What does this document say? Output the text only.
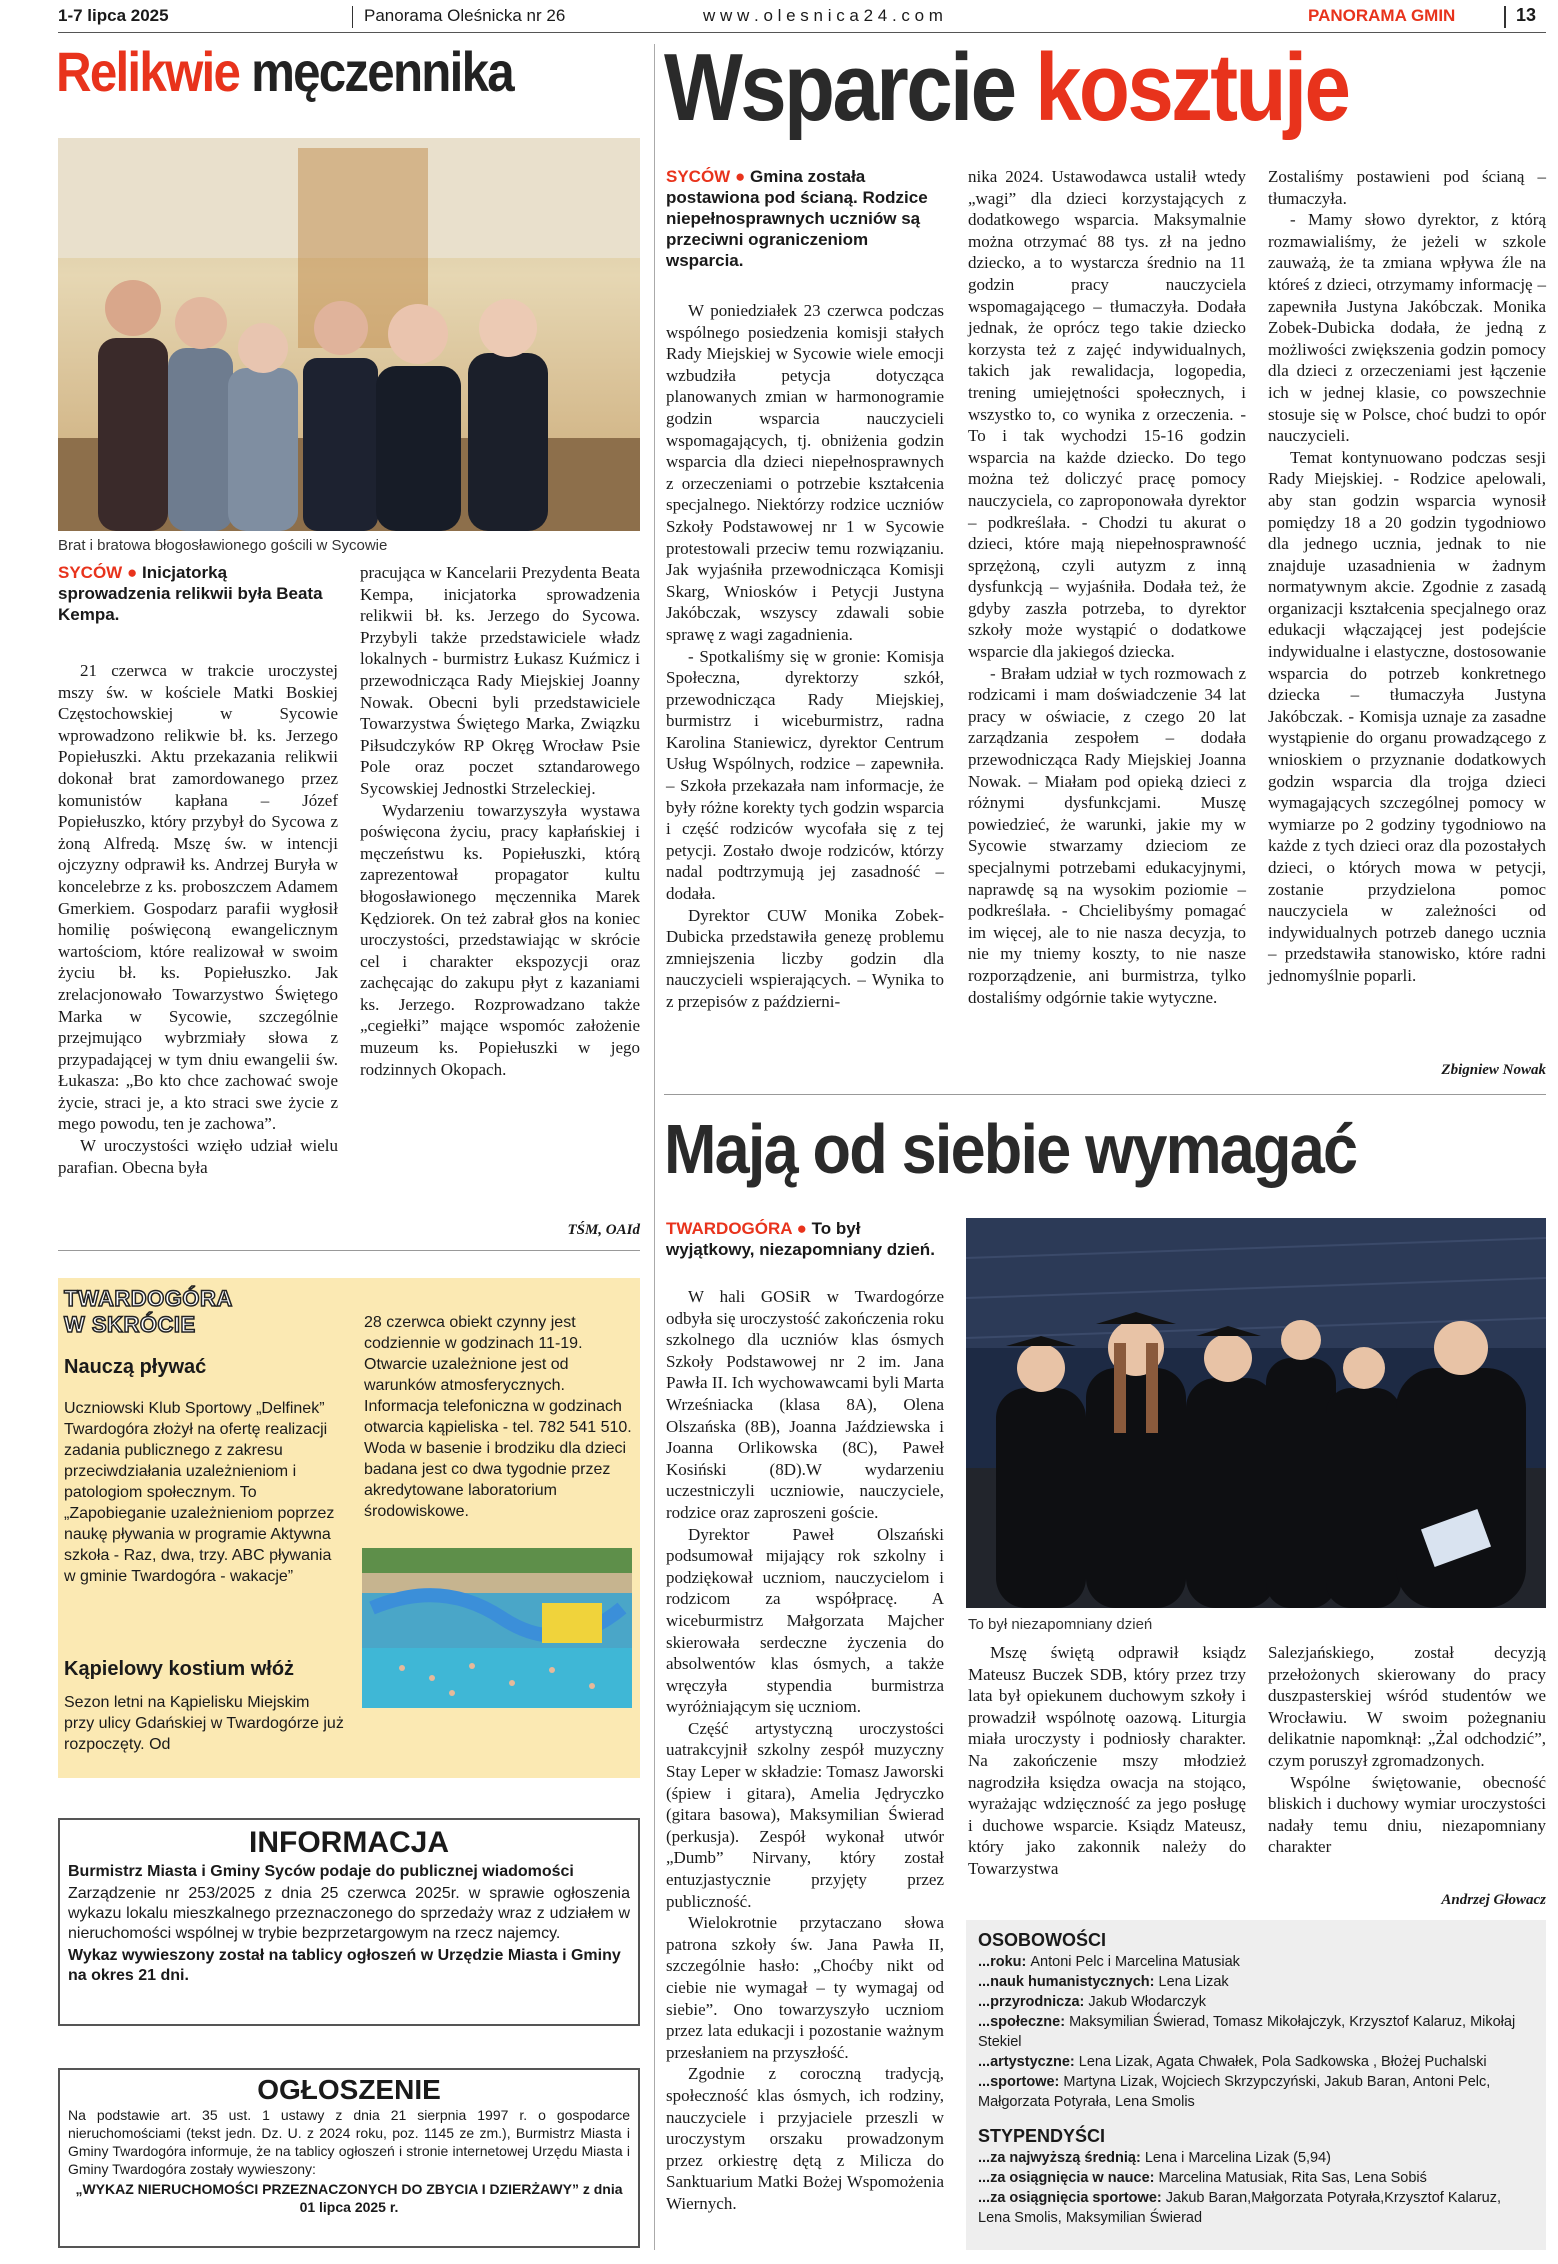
1-7 lipca 2025	Panorama Oleśnicka nr 26	w w w . o l e s n i c a 2 4 . c o m	PANORAMA GMIN	13
Relikwie męczennika

Brat i bratowa błogosławionego gościli w Sycowie

SYCÓW ● Inicjatorką sprowadzenia relikwii była Beata Kempa.

21 czerwca w trakcie uroczystej mszy św. w kościele Matki Boskiej Częstochowskiej w Sycowie wprowadzono relikwie bł. ks. Jerzego Popiełuszki. Aktu przekazania relikwii dokonał brat zamordowanego przez komunistów kapłana – Józef Popiełuszko, który przybył do Sycowa z żoną Alfredą. Mszę św. w intencji ojczyzny odprawił ks. Andrzej Buryła w koncelebrze z ks. proboszczem Adamem Gmerkiem. Gospodarz parafii wygłosił homilię poświęconą ewangelicznym wartościom, które realizował w swoim życiu bł. ks. Popiełuszko. Jak zrelacjonowało Towarzystwo Świętego Marka w Sycowie, szczególnie przejmująco wybrzmiały słowa z przypadającej w tym dniu ewangelii św. Łukasza: „Bo kto chce zachować swoje życie, straci je, a kto straci swe życie z mego powodu, ten je zachowa”.

W uroczystości wzięło udział wielu parafian. Obecna była

pracująca w Kancelarii Prezydenta Beata Kempa, inicjatorka sprowadzenia relikwii bł. ks. Jerzego do Sycowa. Przybyli także przedstawiciele władz lokalnych - burmistrz Łukasz Kuźmicz i przewodnicząca Rady Miejskiej Joanny Nowak. Obecni byli przedstawiciele Towarzystwa Świętego Marka, Związku Piłsudczyków RP Okręg Wrocław Psie Pole oraz poczet sztandarowego Sycowskiej Jednostki Strzeleckiej.

Wydarzeniu towarzyszyła wystawa poświęcona życiu, pracy kapłańskiej i męczeństwu ks. Popiełuszki, którą zaprezentował propagator kultu błogosławionego męczennika Marek Kędziorek. On też zabrał głos na koniec uroczystości, przedstawiając w skrócie cel i charakter ekspozycji oraz zachęcając do zakupu płyt z kazaniami ks. Jerzego. Rozprowadzano także „cegiełki” mające wspomóc założenie muzeum ks. Popiełuszki w jego rodzinnych Okopach.

TŚM, OAId

Wsparcie kosztuje
SYCÓW ● Gmina została postawiona pod ścianą. Rodzice niepełnosprawnych uczniów są przeciwni ograniczeniom wsparcia.

W poniedziałek 23 czerwca podczas wspólnego posiedzenia komisji stałych Rady Miejskiej w Sycowie wiele emocji wzbudziła petycja dotycząca planowanych zmian w harmonogramie godzin wsparcia nauczycieli wspomagających, tj. obniżenia godzin wsparcia dla dzieci niepełnosprawnych z orzeczeniami o potrzebie kształcenia specjalnego. Niektórzy rodzice uczniów Szkoły Podstawowej nr 1 w Sycowie protestowali przeciw temu rozwiązaniu. Jak wyjaśniła przewodnicząca Komisji Skarg, Wniosków i Petycji Justyna Jakóbczak, wszyscy zdawali sobie sprawę z wagi zagadnienia.

- Spotkaliśmy się w gronie: Komisja Społeczna, dyrektorzy szkół, przewodnicząca Rady Miejskiej, burmistrz i wiceburmistrz, radna Karolina Staniewicz, dyrektor Centrum Usług Wspólnych, rodzice – zapewniła. – Szkoła przekazała nam informacje, że były różne korekty tych godzin wsparcia i część rodziców wycofała się z tej petycji. Zostało dwoje rodziców, którzy nadal podtrzymują jej zasadność – dodała.

Dyrektor CUW Monika Zobek-Dubicka przedstawiła genezę problemu zmniejszenia liczby godzin dla nauczycieli wspierających. – Wynika to z przepisów z październi-

nika 2024. Ustawodawca ustalił wtedy „wagi” dla dzieci korzystających z dodatkowego wsparcia. Maksymalnie można otrzymać 88 tys. zł na jedno dziecko, a to wystarcza średnio na 11 godzin pracy nauczyciela wspomagającego – tłumaczyła. Dodała jednak, że oprócz tego takie dziecko korzysta też z zajęć indywidualnych, takich jak rewalidacja, logopedia, trening umiejętności społecznych, i wszystko to, co wynika z orzeczenia. - To i tak wychodzi 15-16 godzin wsparcia na każde dziecko. Do tego można też doliczyć pracę pomocy nauczyciela, co zaproponowała dyrektor – podkreślała. - Chodzi tu akurat o dzieci, które mają niepełnosprawność sprzężoną, czyli autyzm z inną dysfunkcją – wyjaśniła. Dodała też, że gdyby zaszła potrzeba, to dyrektor szkoły może wystąpić o dodatkowe wsparcie dla jakiegoś dziecka.

- Brałam udział w tych rozmowach z rodzicami i mam doświadczenie 34 lat pracy w oświacie, z czego 20 lat zarządzania zespołem – dodała przewodnicząca Rady Miejskiej Joanna Nowak. – Miałam pod opieką dzieci z różnymi dysfunkcjami. Muszę powiedzieć, że warunki, jakie my w Sycowie stwarzamy dzieciom ze specjalnymi potrzebami edukacyjnymi, naprawdę są na wysokim poziomie – podkreślała. - Chcielibyśmy pomagać im więcej, ale to nie nasza decyzja, to nie my tniemy koszty, to nie nasze rozporządzenie, ani burmistrza, tylko dostaliśmy odgórnie takie wytyczne.

Zostaliśmy postawieni pod ścianą – tłumaczyła.

- Mamy słowo dyrektor, z którą rozmawialiśmy, że jeżeli w szkole zauważą, że ta zmiana wpływa źle na któreś z dzieci, otrzymamy informację – zapewniła Justyna Jakóbczak. Monika Zobek-Dubicka dodała, że jedną z możliwości zwiększenia godzin pomocy dla dzieci z orzeczeniami jest łączenie ich w jednej klasie, co powszechnie stosuje się w Polsce, choć budzi to opór nauczycieli.

Temat kontynuowano podczas sesji Rady Miejskiej. - Rodzice apelowali, aby stan godzin wsparcia wynosił pomiędzy 18 a 20 godzin tygodniowo dla jednego ucznia, jednak to nie znajduje uzasadnienia w żadnym normatywnym akcie. Zgodnie z zasadą organizacji kształcenia specjalnego oraz edukacji włączającej jest podejście indywidualne i elastyczne, dostosowanie wsparcia do potrzeb konkretnego dziecka – tłumaczyła Justyna Jakóbczak. - Komisja uznaje za zasadne wystąpienie do organu prowadzącego z wnioskiem o przyznanie dodatkowych godzin wsparcia dla trojga dzieci wymagających szczególnej pomocy w wymiarze po 2 godziny tygodniowo na każde z tych dzieci oraz dla pozostałych dzieci, o których mowa w petycji, zostanie przydzielona pomoc nauczyciela w zależności od indywidualnych potrzeb danego ucznia – przedstawiła stanowisko, które radni jednomyślnie poparli.

Zbigniew Nowak

Mają od siebie wymagać
TWARDOGÓRA ● To był wyjątkowy, niezapomniany dzień.

W hali GOSiR w Twardogórze odbyła się uroczystość zakończenia roku szkolnego dla uczniów klas ósmych Szkoły Podstawowej nr 2 im. Jana Pawła II. Ich wychowawcami byli Marta Wrześniacka (klasa 8A), Olena Olszańska (8B), Joanna Jaździewska i Joanna Orlikowska (8C), Paweł Kosiński (8D).W wydarzeniu uczestniczyli uczniowie, nauczyciele, rodzice oraz zaproszeni goście.

Dyrektor Paweł Olszański podsumował mijający rok szkolny i podziękował uczniom, nauczycielom i rodzicom za współpracę. A wiceburmistrz Małgorzata Majcher skierowała serdeczne życzenia do absolwentów klas ósmych, a także wręczyła stypendia burmistrza wyróżniającym się uczniom.

Część artystyczną uroczystości uatrakcyjnił szkolny zespół muzyczny Stay Leper w składzie: Tomasz Jaworski (śpiew i gitara), Amelia Jędryczko (gitara basowa), Maksymilian Świerad (perkusja). Zespół wykonał utwór „Dumb” Nirvany, który został entuzjastycznie przyjęty przez publiczność.

Wielokrotnie przytaczano słowa patrona szkoły św. Jana Pawła II, szczególnie hasło: „Choćby nikt od ciebie nie wymagał – ty wymagaj od siebie”. Ono towarzyszyło uczniom przez lata edukacji i pozostanie ważnym przesłaniem na przyszłość.

Zgodnie z coroczną tradycją, społeczność klas ósmych, ich rodziny, nauczyciele i przyjaciele przeszli w uroczystym orszaku prowadzonym przez orkiestrę dętą z Milicza do Sanktuarium Matki Bożej Wspomożenia Wiernych.

To był niezapomniany dzień

Mszę świętą odprawił ksiądz Mateusz Buczek SDB, który przez trzy lata był opiekunem duchowym szkoły i prowadził wspólnotę oazową. Liturgia miała uroczysty i podniosły charakter. Na zakończenie mszy młodzież nagrodziła księdza owacja na stojąco, wyrażając wdzięczność za jego posługę i duchowe wsparcie. Ksiądz Mateusz, który jako zakonnik należy do Towarzystwa

Salezjańskiego, został decyzją przełożonych skierowany do pracy duszpasterskiej wśród studentów we Wrocławiu. W swoim pożegnaniu delikatnie napomknął: „Żal odchodzić”, czym poruszył zgromadzonych.

Wspólne świętowanie, obecność bliskich i duchowy wymiar uroczystości nadały temu dniu, niezapomniany charakter

Andrzej Głowacz

OSOBOWOŚCI
...roku: Antoni Pelc i Marcelina Matusiak
...nauk humanistycznych: Lena Lizak
...przyrodnicza: Jakub Włodarczyk
...społeczne: Maksymilian Świerad, Tomasz Mikołajczyk, Krzysztof Kalaruz, Mikołaj Stekiel
...artystyczne: Lena Lizak, Agata Chwałek, Pola Sadkowska , Błożej Puchalski
...sportowe: Martyna Lizak, Wojciech Skrzypczyński, Jakub Baran, Antoni Pelc, Małgorzata Potyrała, Lena Smolis
STYPENDYŚCI
...za najwyższą średnią: Lena i Marcelina Lizak (5,94)
...za osiągnięcia w nauce: Marcelina Matusiak, Rita Sas, Lena Sobiś
...za osiągnięcia sportowe: Jakub Baran,Małgorzata Potyrała,Krzysztof Kalaruz, Lena Smolis, Maksymilian Świerad
TWARDOGÓRA
W SKRÓCIE
Nauczą pływać

Uczniowski Klub Sportowy „Delfinek” Twardogóra złożył na ofertę realizacji zadania publicznego z zakresu przeciwdziałania uzależnieniom i patologiom społecznym. To „Zapobieganie uzależnieniom poprzez naukę pływania w programie Aktywna szkoła - Raz, dwa, trzy. ABC pływania w gminie Twardogóra - wakacje”

Kąpielowy kostium włóż

Sezon letni na Kąpielisku Miejskim przy ulicy Gdańskiej w Twardogórze już rozpoczęty. Od

28 czerwca obiekt czynny jest codziennie w godzinach 11-19. Otwarcie uzależnione jest od warunków atmosferycznych. Informacja telefoniczna w godzinach otwarcia kąpieliska - tel. 782 541 510. Woda w basenie i brodziku dla dzieci badana jest co dwa tygodnie przez akredytowane laboratorium środowiskowe.

INFORMACJA

Burmistrz Miasta i Gminy Syców podaje do publicznej wiadomości

Zarządzenie nr 253/2025 z dnia 25 czerwca 2025r. w sprawie ogłoszenia wykazu lokalu mieszkalnego przeznaczonego do sprzedaży wraz z udziałem w nieruchomości wspólnej w trybie bezprzetargowym na rzecz najemcy.

Wykaz wywieszony został na tablicy ogłoszeń w Urzędzie Miasta i Gminy na okres 21 dni.

OGŁOSZENIE

Na podstawie art. 35 ust. 1 ustawy z dnia 21 sierpnia 1997 r. o gospodarce nieruchomościami (tekst jedn. Dz. U. z 2024 roku, poz. 1145 ze zm.), Burmistrz Miasta i Gminy Twardogóra informuje, że na tablicy ogłoszeń i stronie internetowej Urzędu Miasta i Gminy Twardogóra zostały wywieszony:

„WYKAZ NIERUCHOMOŚCI PRZEZNACZONYCH DO ZBYCIA I DZIERŻAWY” z dnia 01 lipca 2025 r.
